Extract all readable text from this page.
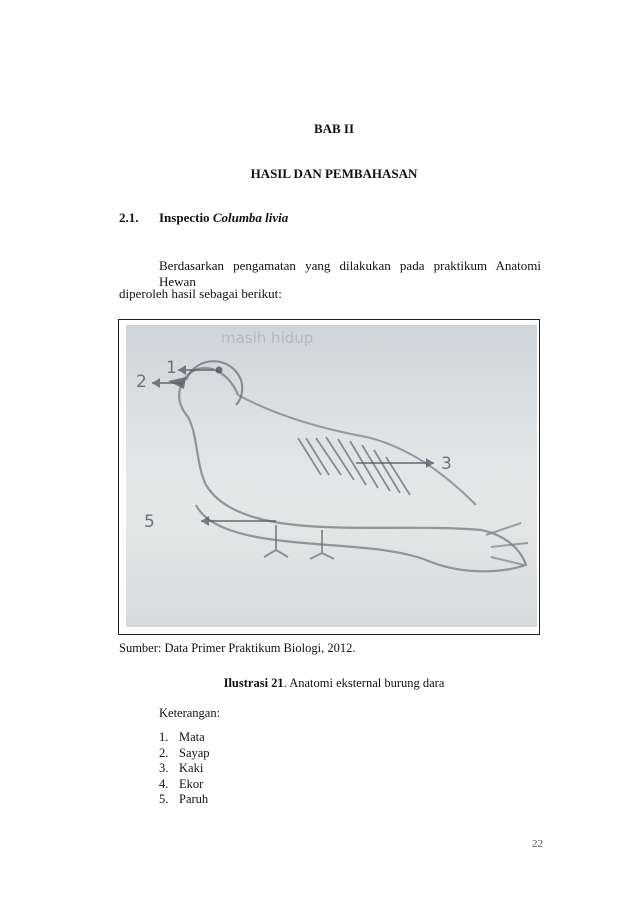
BAB II
HASIL DAN PEMBAHASAN
2.1. Inspectio Columba livia
Berdasarkan pengamatan yang dilakukan pada praktikum Anatomi Hewan
diperoleh hasil sebagai berikut:
masih hidup
1
2
3
5
Sumber: Data Primer Praktikum Biologi, 2012.
Ilustrasi 21. Anatomi eksternal burung dara
Keterangan:
1. Mata
2. Sayap
3. Kaki
4. Ekor
5. Paruh
22
